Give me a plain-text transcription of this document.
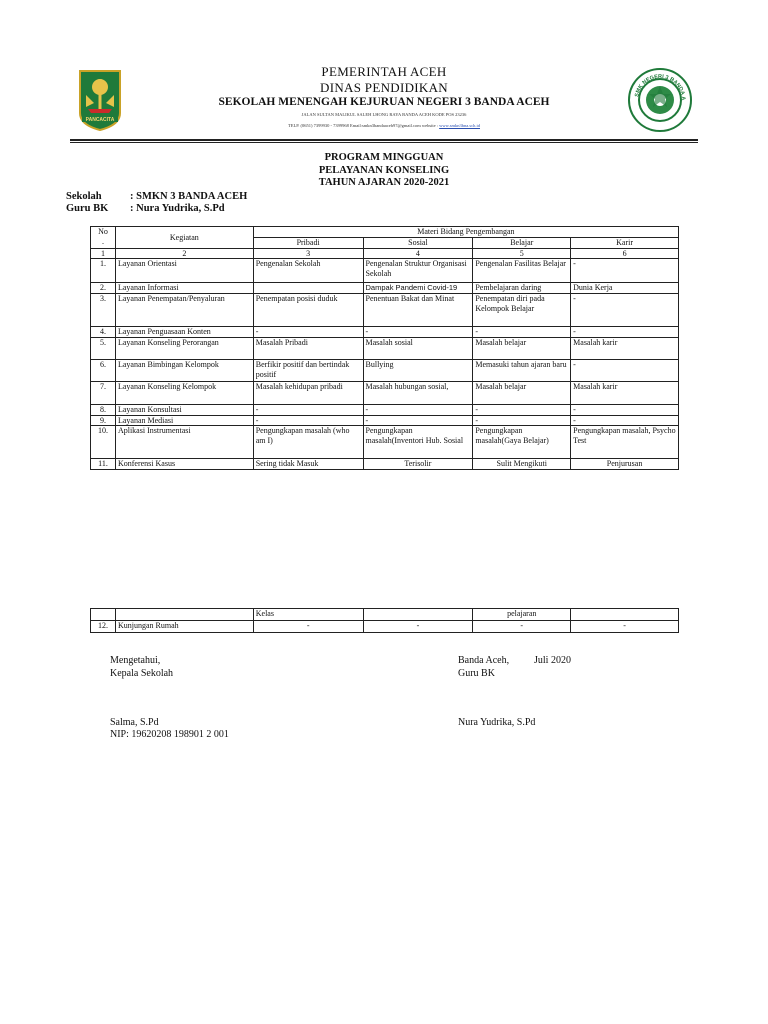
PANCACITA
SMK NEGERI 3 BANDA A
PEMERINTAH ACEH
DINAS PENDIDIKAN
SEKOLAH MENENGAH KEJURUAN NEGERI 3 BANDA ACEH
JALAN SULTAN MALIKUL SALEH LHONG RAYA BANDA ACEH KODE POS 23236
TELP. (0651) 7399930 - 7399968 Email:smkn3bandaaceh97@gmail.com website : www.smkn3bna.sch.id
PROGRAM MINGGUAN
PELAYANAN KONSELING
TAHUN AJARAN 2020-2021
Sekolah	: SMKN 3 BANDA ACEH
Guru BK : Nura Yudrika, S.Pd
No
.	Kegiatan	Materi Bidang Pengembangan			
		Pribadi	Sosial	Belajar	Karir
1	2	3	4	5	6
1.	Layanan Orientasi	Pengenalan Sekolah	Pengenalan Struktur Organisasi Sekolah	Pengenalan Fasilitas Belajar	-
2.	Layanan Informasi		Dampak Pandemi Covid-19	Pembelajaran daring	Dunia Kerja
3.	Layanan Penempatan/Penyaluran	Penempatan posisi duduk	Penentuan Bakat dan Minat	Penempatan diri pada Kelompok Belajar	-
4.	Layanan Penguasaan Konten	-	-	-	-
5.	Layanan Konseling Perorangan	Masalah Pribadi	Masalah sosial	Masalah belajar	Masalah karir
6.	Layanan Bimbingan Kelompok	Berfikir positif dan bertindak positif	Bullying	Memasuki tahun ajaran baru	-
7.	Layanan Konseling Kelompok	Masalah kehidupan pribadi	Masalah hubungan sosial,	Masalah belajar	Masalah karir
8.	Layanan Konsultasi	-	-	-	-
9.	Layanan Mediasi	-	-	-	-
10.	Aplikasi Instrumentasi	Pengungkapan masalah (who am I)	Pengungkapan masalah(Inventori Hub. Sosial	Pengungkapan masalah(Gaya Belajar)	Pengungkapan masalah, Psycho Test
11.	Konferensi Kasus	Sering tidak Masuk	Terisolir	Sulit Mengikuti	Penjurusan
		Kelas		pelajaran	
12.	Kunjungan Rumah	-	-	-	-
Mengetahui,
Kepala Sekolah
Salma, S.Pd
NIP: 19620208 198901 2 001
Banda Aceh, Juli 2020
Guru BK
Nura Yudrika, S.Pd
